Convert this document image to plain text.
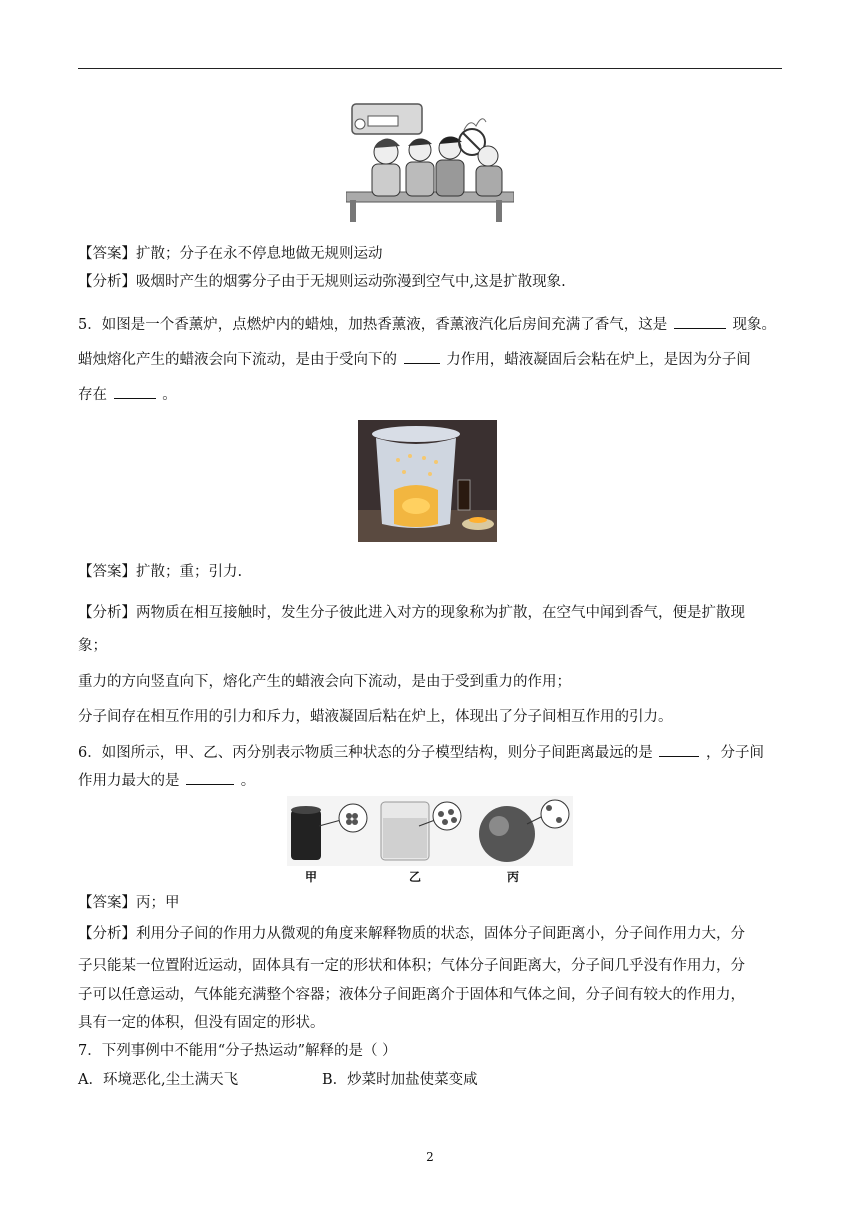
【答案】扩散；分子在永不停息地做无规则运动
【分析】吸烟时产生的烟雾分子由于无规则运动弥漫到空气中,这是扩散现象.
5．如图是一个香薰炉，点燃炉内的蜡烛，加热香薰液，香薰液汽化后房间充满了香气，这是	现象。
蜡烛熔化产生的蜡液会向下流动，是由于受向下的	力作用，蜡液凝固后会粘在炉上，是因为分子间
存在	。
【答案】扩散；重；引力.
【分析】两物质在相互接触时，发生分子彼此进入对方的现象称为扩散，在空气中闻到香气，便是扩散现
象；
重力的方向竖直向下，熔化产生的蜡液会向下流动，是由于受到重力的作用；
分子间存在相互作用的引力和斥力，蜡液凝固后粘在炉上，体现出了分子间相互作用的引力。
6．如图所示，甲、乙、丙分别表示物质三种状态的分子模型结构，则分子间距离最远的是	，分子间
作用力最大的是	。
甲	乙	丙
【答案】丙；甲
【分析】利用分子间的作用力从微观的角度来解释物质的状态，固体分子间距离小，分子间作用力大，分
子只能某一位置附近运动，固体具有一定的形状和体积；气体分子间距离大，分子间几乎没有作用力，分
子可以任意运动，气体能充满整个容器；液体分子间距离介于固体和气体之间，分子间有较大的作用力，
具有一定的体积，但没有固定的形状。
7．下列事例中不能用“分子热运动”解释的是（ ）
A．环境恶化,尘土满天飞	B．炒菜时加盐使菜变咸
2
